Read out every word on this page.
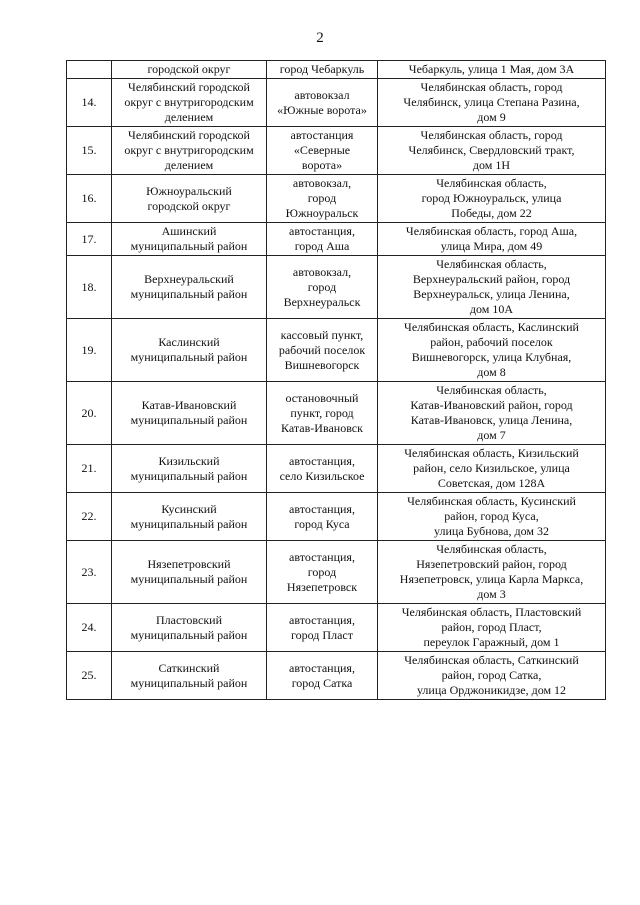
2
	городской округ	город Чебаркуль	Чебаркуль, улица 1 Мая, дом 3А
14.	Челябинский городской
округ с внутригородским
делением	автовокзал
«Южные ворота»	Челябинская область, город
Челябинск, улица Степана Разина,
дом 9
15.	Челябинский городской
округ с внутригородским
делением	автостанция
«Северные
ворота»	Челябинская область, город
Челябинск, Свердловский тракт,
дом 1Н
16.	Южноуральский
городской округ	автовокзал,
город
Южноуральск	Челябинская область,
город Южноуральск, улица
Победы, дом 22
17.	Ашинский
муниципальный район	автостанция,
город Аша	Челябинская область, город Аша,
улица Мира, дом 49
18.	Верхнеуральский
муниципальный район	автовокзал,
город
Верхнеуральск	Челябинская область,
Верхнеуральский район, город
Верхнеуральск, улица Ленина,
дом 10А
19.	Каслинский
муниципальный район	кассовый пункт,
рабочий поселок
Вишневогорск	Челябинская область, Каслинский
район, рабочий поселок
Вишневогорск, улица Клубная,
дом 8
20.	Катав-Ивановский
муниципальный район	остановочный
пункт, город
Катав-Ивановск	Челябинская область,
Катав-Ивановский район, город
Катав-Ивановск, улица Ленина,
дом 7
21.	Кизильский
муниципальный район	автостанция,
село Кизильское	Челябинская область, Кизильский
район, село Кизильское, улица
Советская, дом 128А
22.	Кусинский
муниципальный район	автостанция,
город Куса	Челябинская область, Кусинский
район, город Куса,
улица Бубнова, дом 32
23.	Нязепетровский
муниципальный район	автостанция,
город
Нязепетровск	Челябинская область,
Нязепетровский район, город
Нязепетровск, улица Карла Маркса,
дом 3
24.	Пластовский
муниципальный район	автостанция,
город Пласт	Челябинская область, Пластовский
район, город Пласт,
переулок Гаражный, дом 1
25.	Саткинский
муниципальный район	автостанция,
город Сатка	Челябинская область, Саткинский
район, город Сатка,
улица Орджоникидзе, дом 12
